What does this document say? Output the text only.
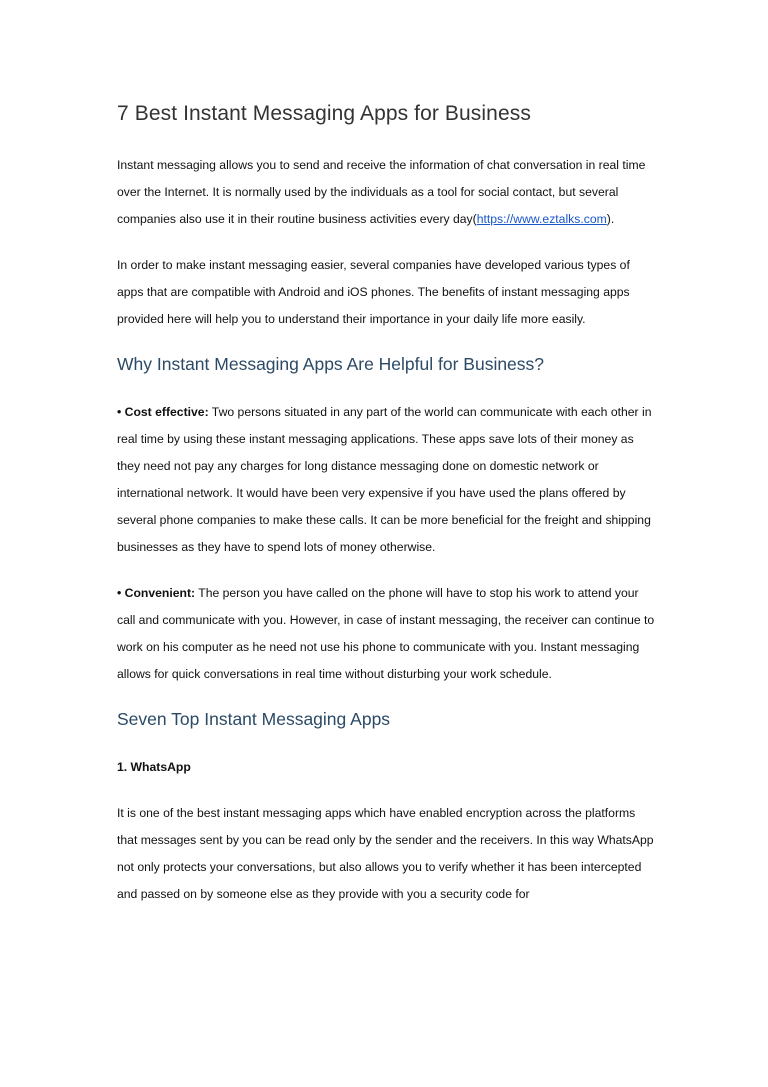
7 Best Instant Messaging Apps for Business

Instant messaging allows you to send and receive the information of chat conversation in real time over the Internet. It is normally used by the individuals as a tool for social contact, but several companies also use it in their routine business activities every day(https://www.eztalks.com).

In order to make instant messaging easier, several companies have developed various types of apps that are compatible with Android and iOS phones. The benefits of instant messaging apps provided here will help you to understand their importance in your daily life more easily.

Why Instant Messaging Apps Are Helpful for Business?

• Cost effective: Two persons situated in any part of the world can communicate with each other in real time by using these instant messaging applications. These apps save lots of their money as they need not pay any charges for long distance messaging done on domestic network or international network. It would have been very expensive if you have used the plans offered by several phone companies to make these calls. It can be more beneficial for the freight and shipping businesses as they have to spend lots of money otherwise.

• Convenient: The person you have called on the phone will have to stop his work to attend your call and communicate with you. However, in case of instant messaging, the receiver can continue to work on his computer as he need not use his phone to communicate with you. Instant messaging allows for quick conversations in real time without disturbing your work schedule.

Seven Top Instant Messaging Apps
1. WhatsApp

It is one of the best instant messaging apps which have enabled encryption across the platforms that messages sent by you can be read only by the sender and the receivers. In this way WhatsApp not only protects your conversations, but also allows you to verify whether it has been intercepted and passed on by someone else as they provide with you a security code for
